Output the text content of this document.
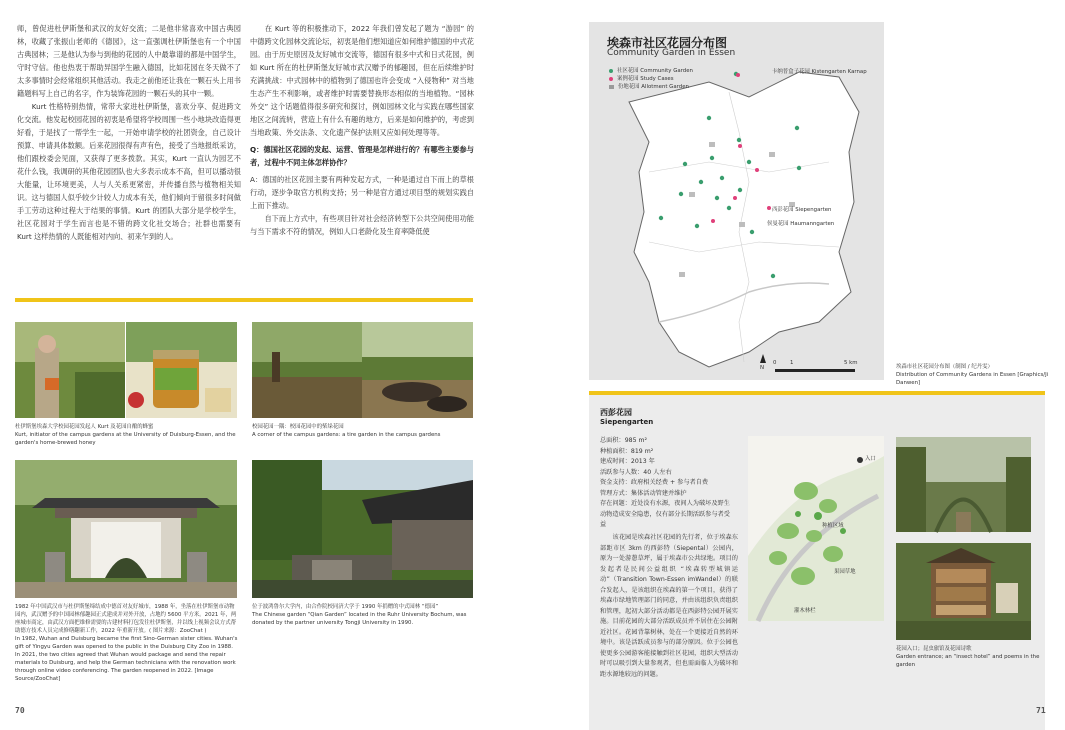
师，曾促进杜伊斯堡和武汉的友好交流；二是他非常喜欢中国古典园林，收藏了张振山老师的《德园》，这一直强调杜伊斯堡也有一个中国古典园林；三是他认为参与到他的花园的人中最靠谱的都是中国学生，守时守信。他也热衷于帮助异国学生融入德国，比如花园在冬天做不了太多事情时会经常组织其他活动。我走之前他还让我在一颗石头上用书籍题料写上自己的名字，作为装饰花园的一颗石头的其中一颗。
　　Kurt 性格特别热情，常带大家进杜伊斯堡，喜欢分享、促进跨文化交流。他发起校园花园的初衷是希望将学校周围一些小地块改造得更好看，于是找了一帮学生一起，一开始申请学校的社团资金，自己设计预算、申请具体数额。后来花园很得有声有色，接受了当地报纸采访，他们跟校委会见面，又获得了更多拨款。其实，Kurt 一直认为园艺不花什么钱，我调研的其他花园团队也大多表示成本不高，但可以播动很大能量，让环境更美，人与人关系更紧密，并传播自然与植物相关知识。这与德国人似乎较少计较人力成本有关，他们倾向于留很多时间做手工劳动这种过程大于结果的事情。Kurt 的团队大部分是学校学生，社区花园对于学生而言也是不错的跨文化社交场合；社群也需要有 Kurt 这样热情的人既能相对内向、初来乍到的人。

　　在 Kurt 等的积极推动下，2022 年我们曾发起了题为 “游园” 的中德跨文化园林交流论坛，初衷是他们想知道应如何维护德国的中式花园。由于历史原因及友好城市交流等，德国有很多中式和日式花园，例如 Kurt 所在的杜伊斯堡友好城市武汉赠予的郁趣园，但在后续维护时充满挑战：中式园林中的植物到了德国也许会变成 “入侵物种” 对当地生态产生不利影响，或者维护时需要替换形态相似的当地植物。“园林外交” 这个话题值得很多研究和探讨，例如园林文化与实践在哪些国家地区之间流转，营造上有什么有趣的地方，后来是如何维护的，考虑到当地政策、外交法条、文化遗产保护法则又应如何处理等等。

Q：德国社区花园的发起、运营、管理是怎样进行的？有哪些主要参与者，过程中不同主体怎样协作？

A：德国的社区花园主要有两种发起方式，一种是通过自下而上的草根行动，逐步争取官方机构支持；另一种是官方通过项目型的规划实践自上而下推动。
　　自下而上方式中，有些项目针对社会经济转型下公共空间使用功能与当下需求不符的情况，例如人口老龄化及生育率降低使

杜伊斯堡埃森大学校园花园发起人 Kurt 及花园自酿的蜂蜜

Kurt, initiator of the campus gardens at the University of Duisburg-Essen, and the garden's home-brewed honey

校园花园一隅：校园花园中的柴垛花园

A corner of the campus gardens: a tire garden in the campus gardens

1982 年中国武汉市与杜伊斯堡缔结成中德首对友好城市，1988 年，坐落在杜伊斯堡市动物园内，武汉赠予的中国园林郁趣园正式建成并对外开放，占地约 5600 平方米。2021 年，两座城市商定，由武汉方面把维修需要的古建材料打包发往杜伊斯堡，并以线上视频会议方式帮助德方技术人员完成修缮翻新工作，2022 年重新开放。( 图片来源：ZooChat )

In 1982, Wuhan and Duisburg became the first Sino-German sister cities. Wuhan's gift of Yingyu Garden was opened to the public in the Duisburg City Zoo in 1988. In 2021, the two cities agreed that Wuhan would package and send the repair materials to Duisburg, and help the German technicians with the renovation work through online video conferencing. The garden reopened in 2022. [Image Source/ZooChat]

位于波鸿鲁尔大学内，由合作院校同济大学于 1990 年捐赠的中式园林 “德园”

The Chinese garden “Qian Garden” located in the Ruhr University Bochum, was donated by the partner university Tongji University in 1990.

70
埃森市社区花园分布图
Community Garden in Essen
社区花园 Community Garden
案例花园 Study Cases
份地花园 Allotment Garden
卡纳普盒子花园 Kistengarten Karnap
西彭花园 Siepengarten
侯曼花园 Haumanngarten
0	1	5 km
N	埃森市社区花园分布图（制图 / 纪丹雯）

Distribution of Community Gardens in Essen [Graphics/Ji Danwen]

西彭花园
Siepengarten

总面积：985 m²

种植面积：819 m²

建成时间：2013 年

活跃参与人数：40 人左右

资金支持：政府相关经费 + 参与者自费

管理方式：集体活动管建并维护

存在问题：近处没有水源，夜间人为破坏及野生动物造成安全隐患，仅有部分长期活跃参与者受益

　　该花园是埃森社区花园的先行者，位于埃森东部距市区 3km 的西彭特（Siepental）公园内，原为一处游憩草坪，属于埃森市公共绿地。项目的发起者是民间公益组织 “埃森转型城镇运动”（Transition Town-Essen imWandel）的联合发起人，是该组织在埃森的第一个项目，获得了埃森市绿地管理部门的同意，并由该组织负责组织和管理，起初大部分活动都是在西彭特公园开展实施。目前花园的大部分活跃成员并不居住在公园附近社区。花园背靠树林，处在一个更接近自然的环境中。该是活跃成员参与的部分原因。位于公园也使更多公园游客能接触到社区花园，组织大型活动时可以吸引到大量参观者，但也需面临人为破坏和距水源地较远的问题。

入口
种植区域
果园草地
灌木林栏

花园入口；昆虫旅馆及花园诗歌

Garden entrance; an “insect hotel” and poems in the garden

71
